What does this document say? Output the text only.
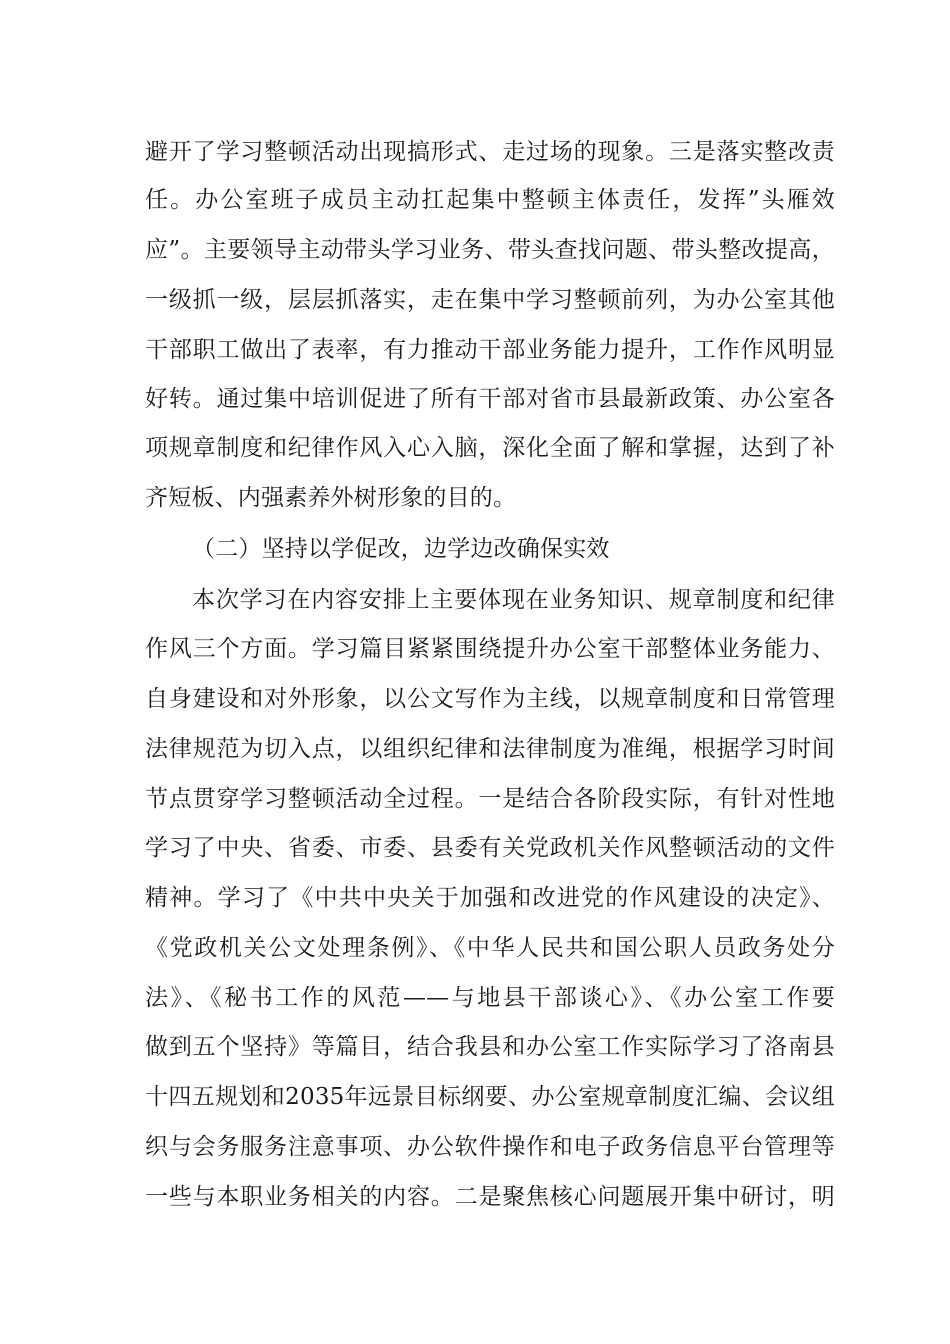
避开了学习整顿活动出现搞形式、走过场的现象。三是落实整改责

任。办公室班子成员主动扛起集中整顿主体责任，发挥”头雁效

应”。主要领导主动带头学习业务、带头查找问题、带头整改提高，

一级抓一级，层层抓落实，走在集中学习整顿前列，为办公室其他

干部职工做出了表率，有力推动干部业务能力提升，工作作风明显

好转。通过集中培训促进了所有干部对省市县最新政策、办公室各

项规章制度和纪律作风入心入脑，深化全面了解和掌握，达到了补

齐短板、内强素养外树形象的目的。

（二）坚持以学促改，边学边改确保实效

本次学习在内容安排上主要体现在业务知识、规章制度和纪律

作风三个方面。学习篇目紧紧围绕提升办公室干部整体业务能力、

自身建设和对外形象，以公文写作为主线，以规章制度和日常管理

法律规范为切入点，以组织纪律和法律制度为准绳，根据学习时间

节点贯穿学习整顿活动全过程。一是结合各阶段实际，有针对性地

学习了中央、省委、市委、县委有关党政机关作风整顿活动的文件

精神。学习了《中共中央关于加强和改进党的作风建设的决定》、

《党政机关公文处理条例》、《中华人民共和国公职人员政务处分

法》、《秘书工作的风范——与地县干部谈心》、《办公室工作要

做到五个坚持》等篇目，结合我县和办公室工作实际学习了洛南县

十四五规划和2035年远景目标纲要、办公室规章制度汇编、会议组

织与会务服务注意事项、办公软件操作和电子政务信息平台管理等

一些与本职业务相关的内容。二是聚焦核心问题展开集中研讨，明
